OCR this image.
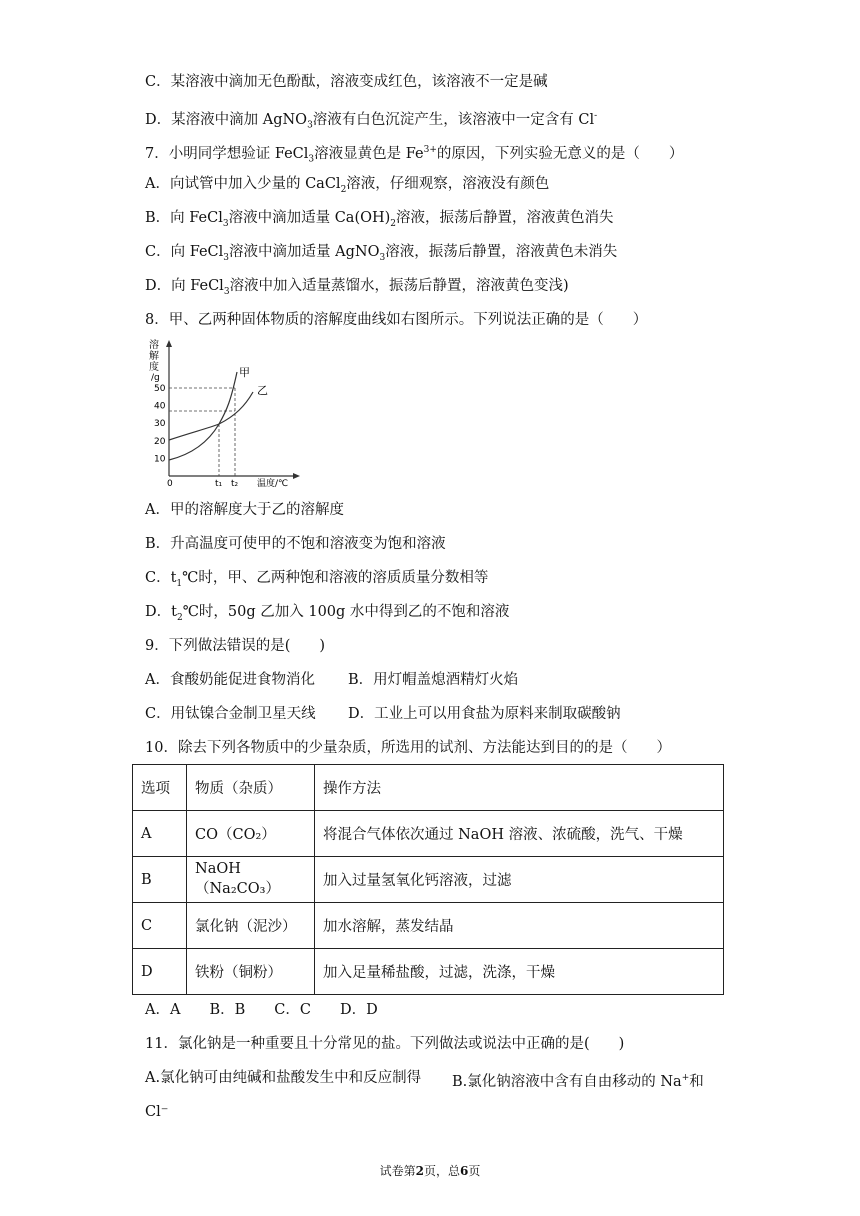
C．某溶液中滴加无色酚酞，溶液变成红色，该溶液不一定是碱
D．某溶液中滴加 AgNO$_3$溶液有白色沉淀产生，该溶液中一定含有 Cl-
7．小明同学想验证 FeCl$_3$溶液显黄色是 $Fe^{3+}$的原因，下列实验无意义的是（　　）
A．向试管中加入少量的 CaCl$_2$溶液，仔细观察，溶液没有颜色
B．向 FeCl$_3$溶液中滴加适量 $Ca(OH)_2$溶液，振荡后静置，溶液黄色消失
C．向 FeCl$_3$溶液中滴加适量 AgNO$_3$溶液，振荡后静置，溶液黄色未消失
D．向 FeCl$_3$溶液中加入适量蒸馏水，振荡后静置，溶液黄色变浅)
8．甲、乙两种固体物质的溶解度曲线如右图所示。下列说法正确的是（　　）
溶
解
度
/g
10
20
30
40
50
0
甲
乙
t₁ t₂ 温度/℃
A．甲的溶解度大于乙的溶解度
B．升高温度可使甲的不饱和溶液变为饱和溶液
C．$t_1℃$时，甲、乙两种饱和溶液的溶质质量分数相等
D．$t_2℃$时，50g 乙加入 100g 水中得到乙的不饱和溶液
9．下列做法错误的是(　　)
A．食酸奶能促进食物消化 B．用灯帽盖熄酒精灯火焰
C．用钛镍合金制卫星天线 D．工业上可以用食盐为原料来制取碳酸钠
10．除去下列各物质中的少量杂质，所选用的试剂、方法能达到目的的是（　　）
选项	物质（杂质）	操作方法
A	CO（CO₂）	将混合气体依次通过 NaOH 溶液、浓硫酸，洗气、干燥
B	NaOH（Na₂CO₃）	加入过量氢氧化钙溶液，过滤
C	氯化钠（泥沙）	加水溶解，蒸发结晶
D	铁粉（铜粉）	加入足量稀盐酸，过滤，洗涤，干燥
A．A　　B．B　　C．C　　D．D
11．氯化钠是一种重要且十分常见的盐。下列做法或说法中正确的是(　　)
A.氯化钠可由纯碱和盐酸发生中和反应制得 B.氯化钠溶液中含有自由移动的 Na+和
Cl⁻
试卷第2页，总6页
